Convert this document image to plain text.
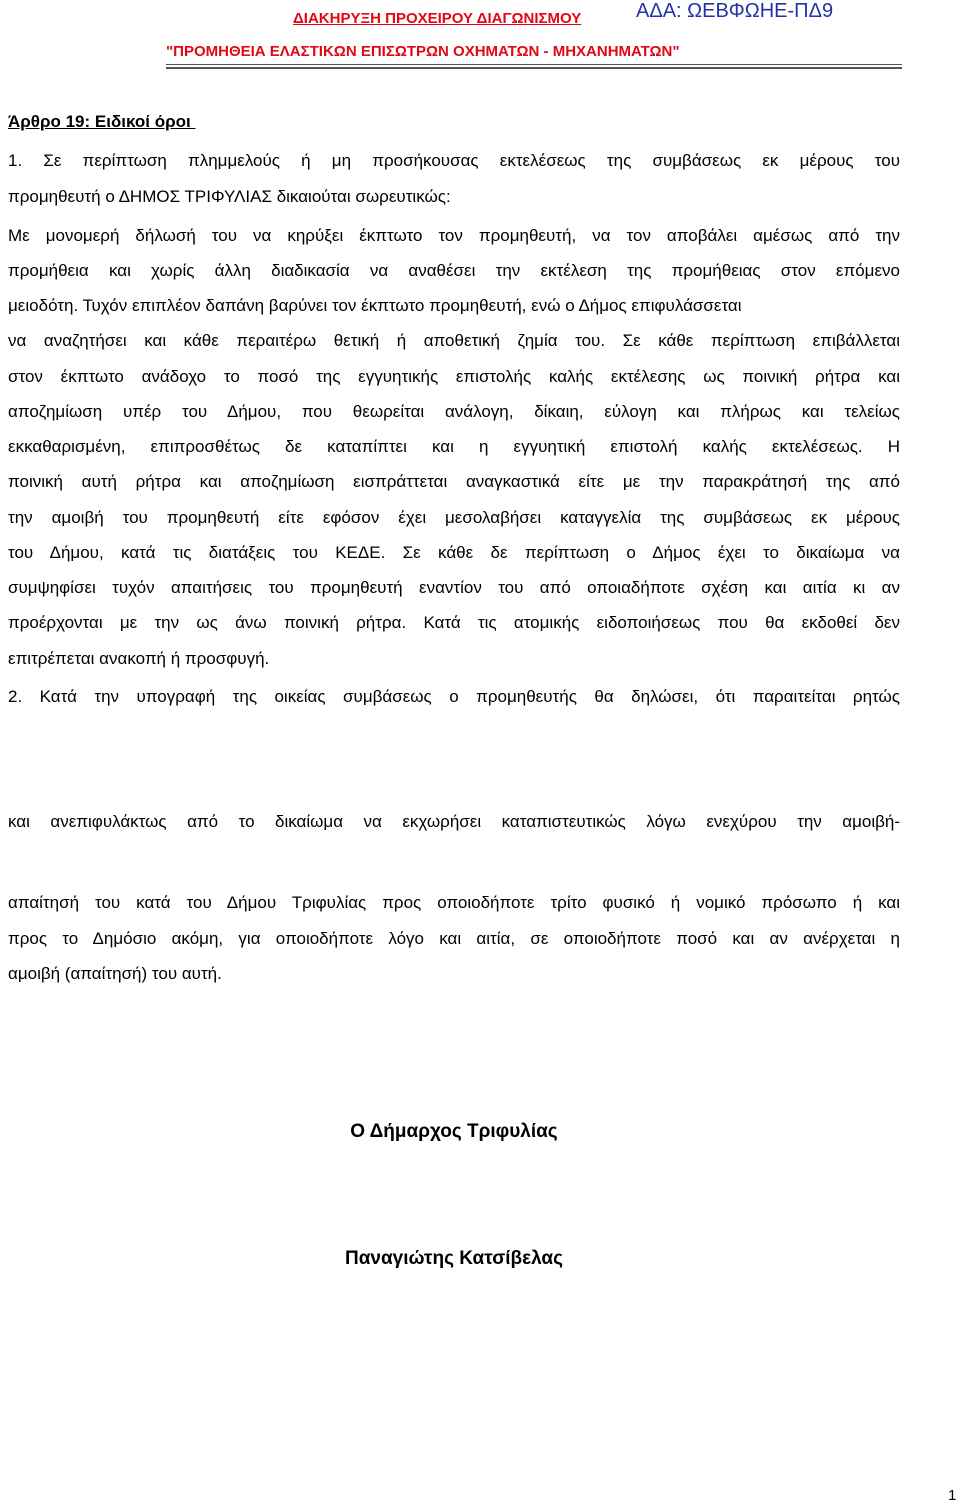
ΔΙΑΚΗΡΥΞΗ ΠΡΟΧΕΙΡΟΥ ΔΙΑΓΩΝΙΣΜΟΥ	ΑΔΑ: ΩΕΒΦΩΗΕ-ΠΔ9
"ΠΡΟΜΗΘΕΙΑ ΕΛΑΣΤΙΚΩΝ ΕΠΙΣΩΤΡΩΝ ΟΧΗΜΑΤΩΝ - ΜΗΧΑΝΗΜΑΤΩΝ"
Άρθρο 19: Ειδικοί όροι
1. Σε περίπτωση πλημμελούς ή μη προσήκουσας εκτελέσεως της συμβάσεως εκ μέρους του
προμηθευτή ο ΔΗΜΟΣ ΤΡΙΦΥΛΙΑΣ δικαιούται σωρευτικώς:
Με μονομερή δήλωσή του να κηρύξει έκπτωτο τον προμηθευτή, να τον αποβάλει αμέσως από την
προμήθεια και χωρίς άλλη διαδικασία να αναθέσει την εκτέλεση της προμήθειας στον επόμενο
μειοδότη. Τυχόν επιπλέον δαπάνη βαρύνει τον έκπτωτο προμηθευτή, ενώ ο Δήμος επιφυλάσσεται
να αναζητήσει και κάθε περαιτέρω θετική ή αποθετική ζημία του. Σε κάθε περίπτωση επιβάλλεται
στον έκπτωτο ανάδοχο το ποσό της εγγυητικής επιστολής καλής εκτέλεσης ως ποινική ρήτρα και
αποζημίωση υπέρ του Δήμου, που θεωρείται ανάλογη, δίκαιη, εύλογη και πλήρως και τελείως
εκκαθαρισμένη, επιπροσθέτως δε καταπίπτει και η εγγυητική επιστολή καλής εκτελέσεως. Η
ποινική αυτή ρήτρα και αποζημίωση εισπράττεται αναγκαστικά είτε με την παρακράτησή της από
την αμοιβή του προμηθευτή είτε εφόσον έχει μεσολαβήσει καταγγελία της συμβάσεως εκ μέρους
του Δήμου, κατά τις διατάξεις του ΚΕΔΕ. Σε κάθε δε περίπτωση ο Δήμος έχει το δικαίωμα να
συμψηφίσει τυχόν απαιτήσεις του προμηθευτή εναντίον του από οποιαδήποτε σχέση και αιτία κι αν
προέρχονται με την ως άνω ποινική ρήτρα. Κατά τις ατομικής ειδοποιήσεως που θα εκδοθεί δεν
επιτρέπεται ανακοπή ή προσφυγή.
2. Κατά την υπογραφή της οικείας συμβάσεως ο προμηθευτής θα δηλώσει, ότι παραιτείται ρητώς
και ανεπιφυλάκτως από το δικαίωμα να εκχωρήσει καταπιστευτικώς λόγω ενεχύρου την αμοιβή-
απαίτησή του κατά του Δήμου Τριφυλίας προς οποιοδήποτε τρίτο φυσικό ή νομικό πρόσωπο ή και
προς το Δημόσιο ακόμη, για οποιοδήποτε λόγο και αιτία, σε οποιοδήποτε ποσό και αν ανέρχεται η
αμοιβή (απαίτησή) του αυτή.
Ο Δήμαρχος Τριφυλίας
Παναγιώτης Κατσίβελας
1
